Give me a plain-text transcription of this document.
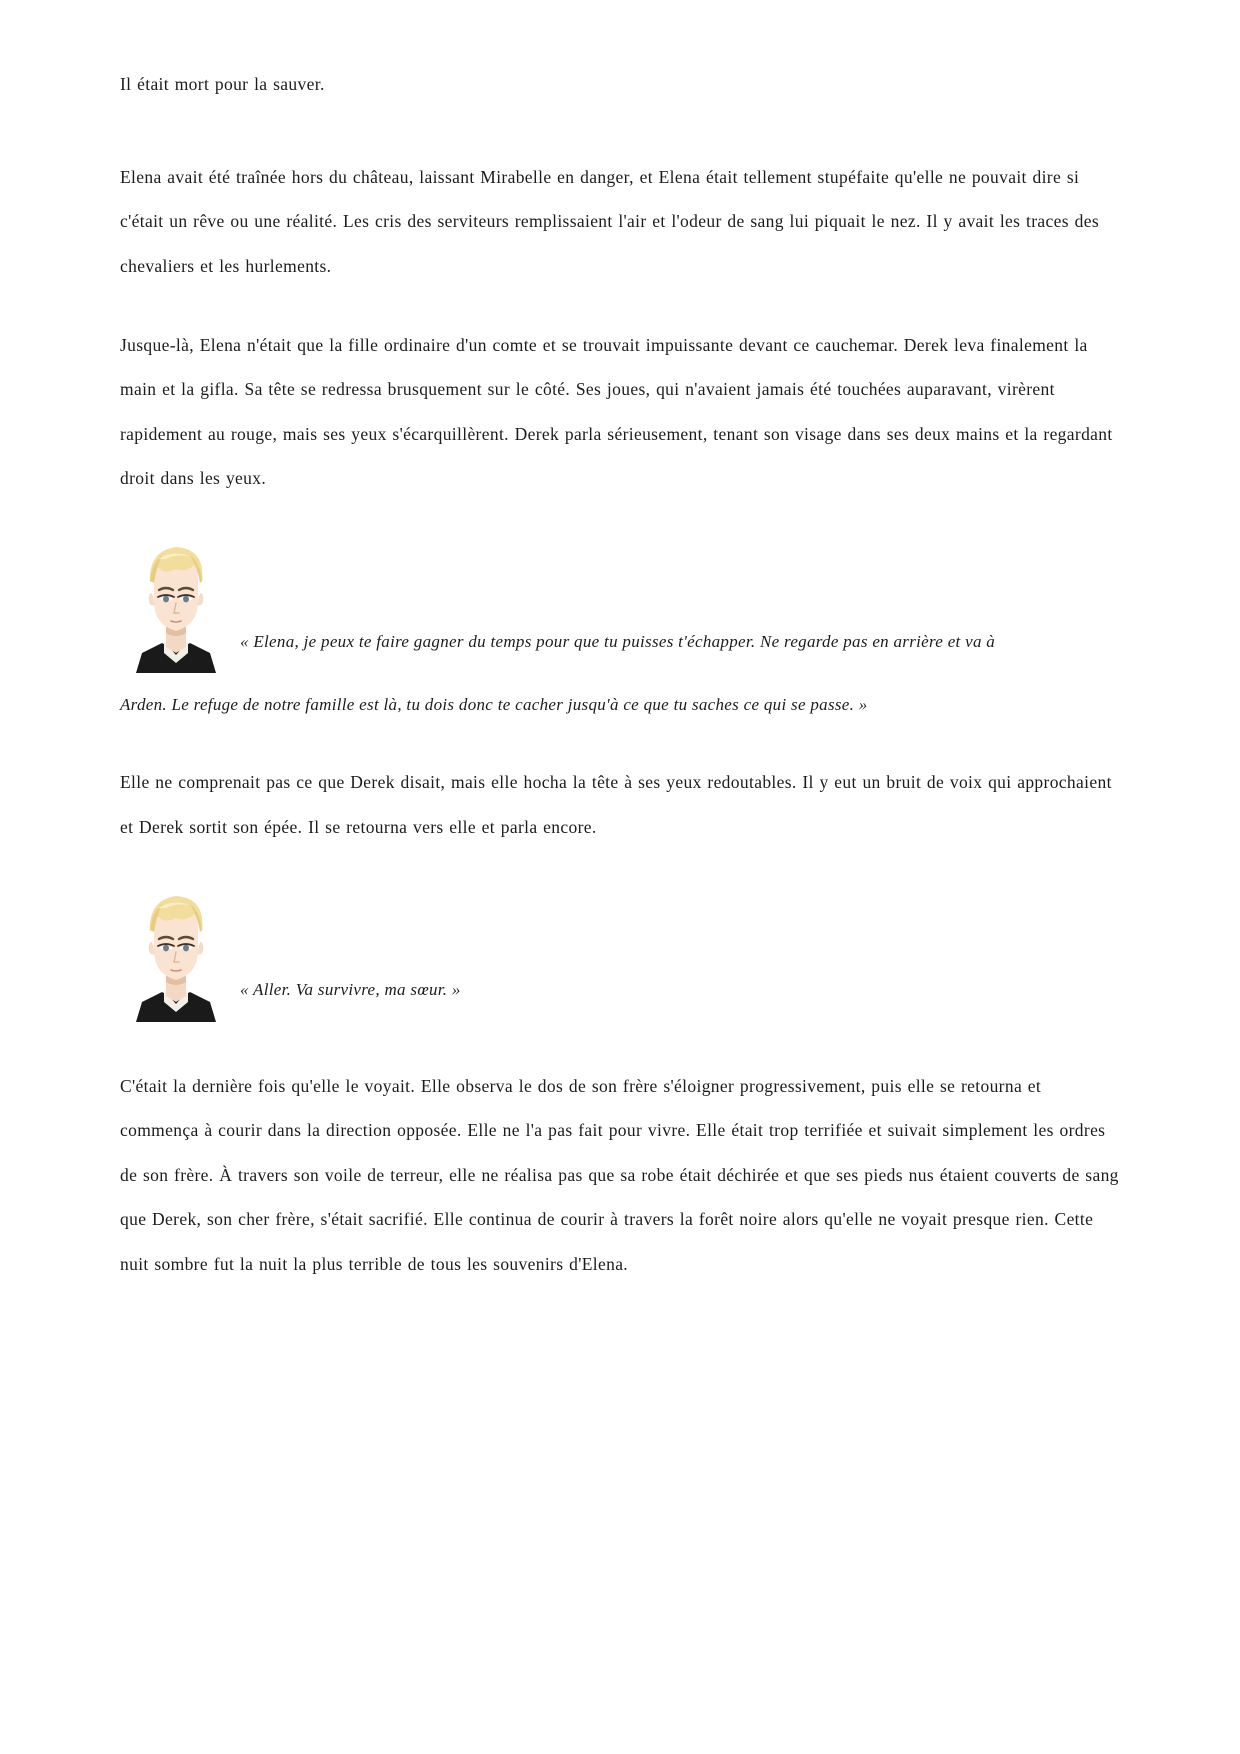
Il était mort pour la sauver.

Elena avait été traînée hors du château, laissant Mirabelle en danger, et Elena était tellement stupéfaite qu'elle ne pouvait dire si c'était un rêve ou une réalité. Les cris des serviteurs remplissaient l'air et l'odeur de sang lui piquait le nez. Il y avait les traces des chevaliers et les hurlements.

Jusque-là, Elena n'était que la fille ordinaire d'un comte et se trouvait impuissante devant ce cauchemar. Derek leva finalement la main et la gifla. Sa tête se redressa brusquement sur le côté. Ses joues, qui n'avaient jamais été touchées auparavant, virèrent rapidement au rouge, mais ses yeux s'écarquillèrent. Derek parla sérieusement, tenant son visage dans ses deux mains et la regardant droit dans les yeux.

« Elena, je peux te faire gagner du temps pour que tu puisses t'échapper. Ne regarde pas en arrière et va à

Arden. Le refuge de notre famille est là, tu dois donc te cacher jusqu'à ce que tu saches ce qui se passe. »

Elle ne comprenait pas ce que Derek disait, mais elle hocha la tête à ses yeux redoutables. Il y eut un bruit de voix qui approchaient et Derek sortit son épée. Il se retourna vers elle et parla encore.

« Aller. Va survivre, ma sœur. »

C'était la dernière fois qu'elle le voyait. Elle observa le dos de son frère s'éloigner progressivement, puis elle se retourna et commença à courir dans la direction opposée. Elle ne l'a pas fait pour vivre. Elle était trop terrifiée et suivait simplement les ordres de son frère. À travers son voile de terreur, elle ne réalisa pas que sa robe était déchirée et que ses pieds nus étaient couverts de sang que Derek, son cher frère, s'était sacrifié. Elle continua de courir à travers la forêt noire alors qu'elle ne voyait presque rien. Cette nuit sombre fut la nuit la plus terrible de tous les souvenirs d'Elena.
